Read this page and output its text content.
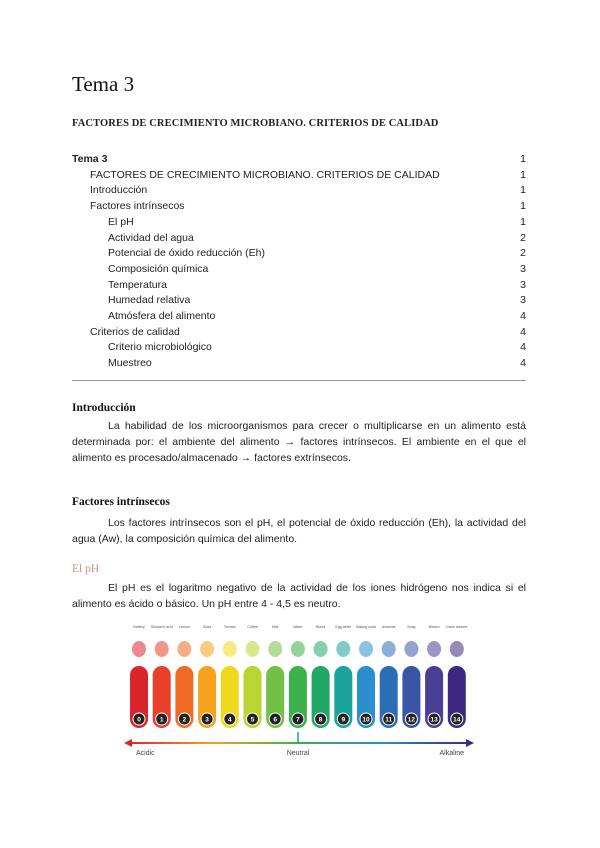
Tema 3
FACTORES DE CRECIMIENTO MICROBIANO. CRITERIOS DE CALIDAD
Tema 3	1
FACTORES DE CRECIMIENTO MICROBIANO. CRITERIOS DE CALIDAD	1
Introducción	1
Factores intrínsecos	1
El pH	1
Actividad del agua	2
Potencial de óxido reducción (Eh)	2
Composición química	3
Temperatura	3
Humedad relativa	3
Atmósfera del alimento	4
Criterios de calidad	4
Criterio microbiológico	4
Muestreo	4
Introducción
La habilidad de los microorganismos para crecer o multiplicarse en un alimento está determinada por: el ambiente del alimento → factores intrínsecos. El ambiente en el que el alimento es procesado/almacenado → factores extrínsecos.
Factores intrínsecos
Los factores intrínsecos son el pH, el potencial de óxido reducción (Eh), la actividad del agua (Aw), la composición química del alimento.
El pH
El pH es el logaritmo negativo de la actividad de los iones hidrógeno nos indica si el alimento es ácido o básico. Un pH entre 4 - 4,5 es neutro.
Battery Stomach acid Lemon	Soda	Tomato	Coffee	Milk	Water	Blood	Egg white Baking soda Antacids	Soap	Bleach Drain cleaner
0	1	2	3	4	5	6	7	8	9	10 11 12 13 14
Acidic	Neutral	Alkaline
